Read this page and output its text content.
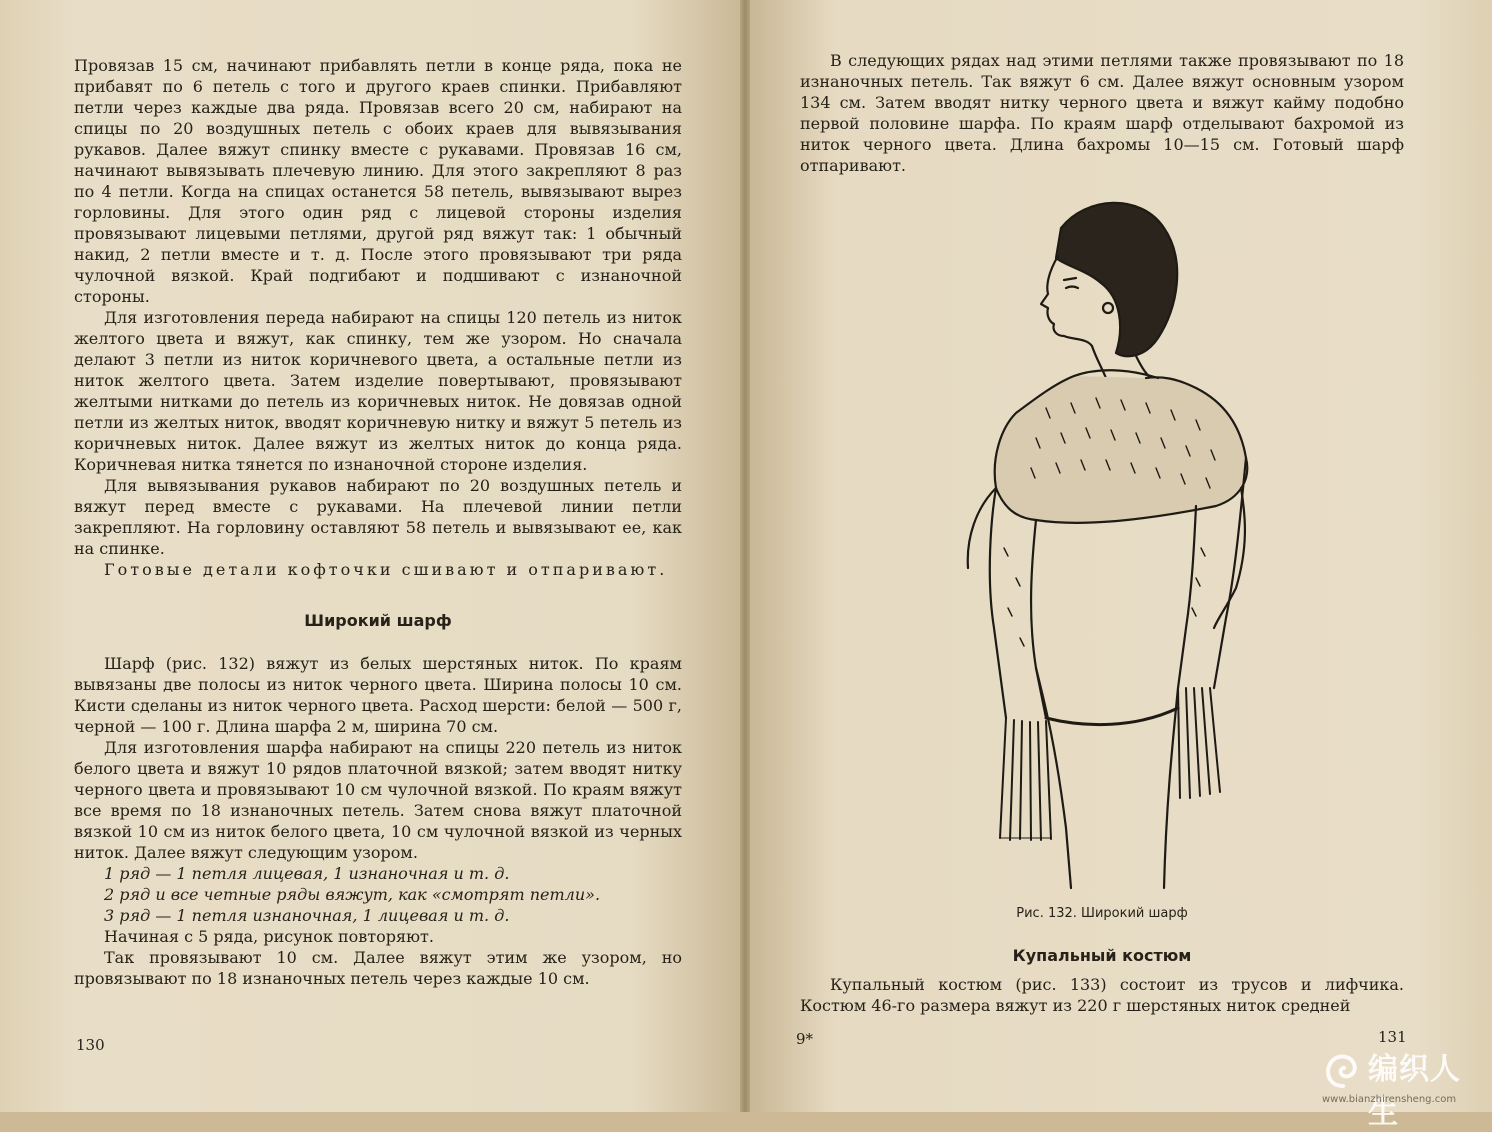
Провязав 15 см, начинают прибавлять петли в конце ряда, пока не прибавят по 6 петель с того и другого краев спинки. Прибавляют петли через каждые два ряда. Провязав всего 20 см, набирают на спицы по 20 воздушных петель с обоих краев для вывязывания рукавов. Далее вяжут спинку вместе с рукавами. Провязав 16 см, начинают вывязывать плечевую линию. Для этого закрепляют 8 раз по 4 петли. Когда на спицах останется 58 петель, вывязывают вырез горловины. Для этого один ряд с лицевой стороны изделия провязывают лицевыми петлями, другой ряд вяжут так: 1 обычный накид, 2 петли вместе и т. д. После этого провязывают три ряда чулочной вязкой. Край подгибают и подшивают с изнаночной стороны.

Для изготовления переда набирают на спицы 120 петель из ниток желтого цвета и вяжут, как спинку, тем же узором. Но сначала делают 3 петли из ниток коричневого цвета, а остальные петли из ниток желтого цвета. Затем изделие повертывают, провязывают желтыми нитками до петель из коричневых ниток. Не довязав одной петли из желтых ниток, вводят коричневую нитку и вяжут 5 петель из коричневых ниток. Далее вяжут из желтых ниток до конца ряда. Коричневая нитка тянется по изнаночной стороне изделия.

Для вывязывания рукавов набирают по 20 воздушных петель и вяжут перед вместе с рукавами. На плечевой линии петли закрепляют. На горловину оставляют 58 петель и вывязывают ее, как на спинке.

Готовые детали кофточки сшивают и отпаривают.

Широкий шарф

Шарф (рис. 132) вяжут из белых шерстяных ниток. По краям вывязаны две полосы из ниток черного цвета. Ширина полосы 10 см. Кисти сделаны из ниток черного цвета. Расход шерсти: белой — 500 г, черной — 100 г. Длина шарфа 2 м, ширина 70 см.

Для изготовления шарфа набирают на спицы 220 петель из ниток белого цвета и вяжут 10 рядов платочной вязкой; затем вводят нитку черного цвета и провязывают 10 см чулочной вязкой. По краям вяжут все время по 18 изнаночных петель. Затем снова вяжут платочной вязкой 10 см из ниток белого цвета, 10 см чулочной вязкой из черных ниток. Далее вяжут следующим узором.

1 ряд — 1 петля лицевая, 1 изнаночная и т. д.

2 ряд и все четные ряды вяжут, как «смотрят петли».

3 ряд — 1 петля изнаночная, 1 лицевая и т. д.

Начиная с 5 ряда, рисунок повторяют.

Так провязывают 10 см. Далее вяжут этим же узором, но провязывают по 18 изнаночных петель через каждые 10 см.

130

В следующих рядах над этими петлями также провязывают по 18 изнаночных петель. Так вяжут 6 см. Далее вяжут основным узором 134 см. Затем вводят нитку черного цвета и вяжут кайму подобно первой половине шарфа. По краям шарф отделывают бахромой из ниток черного цвета. Длина бахромы 10—15 см. Готовый шарф отпаривают.

Рис. 132. Широкий шарф

Купальный костюм

Купальный костюм (рис. 133) состоит из трусов и лифчика. Костюм 46-го размера вяжут из 220 г шерстяных ниток средней

9*	131
编织人生
www.bianzhirensheng.com
